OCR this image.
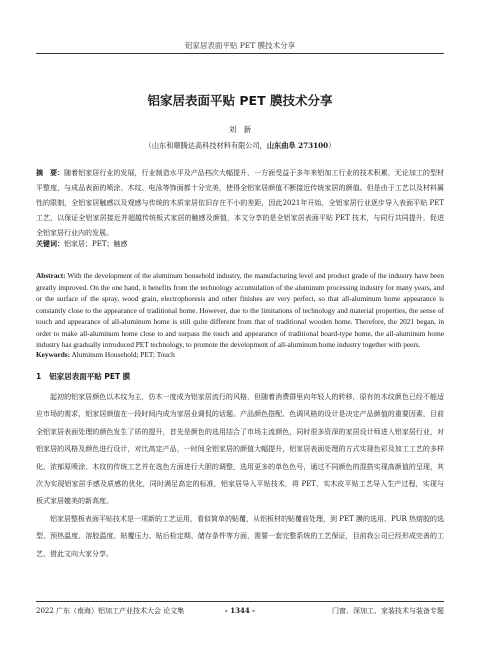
铝家居表面平贴 PET 膜技术分享
铝家居表面平贴 PET 膜技术分享
刘　新
（山东和顺腾达高科技材料有限公司，山东曲阜 273100）
摘　要：随着铝家居行业的发展，行业制造水平及产品档次大幅提升，一方面受益于多年来铝加工行业的技术积累，无论加工的型材平整度，与成品表面的喷涂、木纹、电泳等饰面都十分完美，使得全铝家居颜值不断接近传统家居的颜值。但是由于工艺以及材料属性的限制，全铝家居触感以及观感与传统的木质家居依旧存在不小的差距，因此2021年开始，全铝家居行业逐步导入表面平贴 PET 工艺，以保证全铝家居接近并超越传统板式家居的触感及颜值，本文分享的是全铝家居表面平贴 PET 技术，与同行共同提升，促进全铝家居行业内的发展。
关键词：铝家居；PET；触感
Abstract: With the development of the aluminum household industry, the manufacturing level and product grade of the industry have been greatly improved. On the one hand, it benefits from the technology accumulation of the aluminum processing industry for many years, and or the surface of the spray, wood grain, electrophoresis and other finishes are very perfect, so that all-aluminum home appearance is constantly close to the appearance of traditional home. However, due to the limitations of technology and material properties, the sense of touch and appearance of all-aluminum home is still quite different from that of traditional wooden home. Therefore, the 2021 began, in order to make all-aluminum home close to and surpass the touch and appearance of traditional board-type home, the all-aluminum home industry has gradually introduced PET technology, to promote the development of all-aluminum home industry together with peers.
Keywords: Aluminum Household; PET; Touch
1 铝家居表面平贴 PET 膜

起初的铝家居颜色以木纹为主，仿木一度成为铝家居流行的风格，但随着消费群里向年轻人的转移，原有的木纹颜色已经不能适应市场的需求，铝家居颜值在一段时间内成为家居业调侃的话题。产品颜色搭配、色调风格的设计是决定产品颜值的重要因素，目前全铝家居表面处理的颜色发生了质的提升，首先是颜色的选用结合了市场主流颜色，同时很多资深的家居设计师进入铝家居行业，对铝家居的风格及颜色进行设计，对比高定产品，一时间全铝家居的颜值大幅提升，铝家居表面处理的方式实现色彩及加工工艺的多样化，浓郁原喷涂、木纹的传统工艺并在选色方面进行大胆的调整，选用更多的单色色号，通过不同颜色的混搭实现高颜值的呈现，其次为实现铝家居手感及质感的优化，同时满足高定的标准，铝家居导入平贴技术，将 PET、实木皮平贴工艺导入生产过程，实现与板式家居媲美的新高度。

铝家居整板表面平贴技术是一项新的工艺运用，看似简单的贴覆，从铝板材的贴覆前处理，到 PET 膜的选用、PUR 热熔胶的选型、预热温度、溶胶温度、贴覆压力、贴后检定期、储存条件等方面，需要一套完整系统的工艺保证，目前我公司已经形成完善的工艺，借此文向大家分享。

2022 广东（南海）铝加工产业技术大会 论文集	- 1344 -	门窗、深加工、家装技术与装备专题
